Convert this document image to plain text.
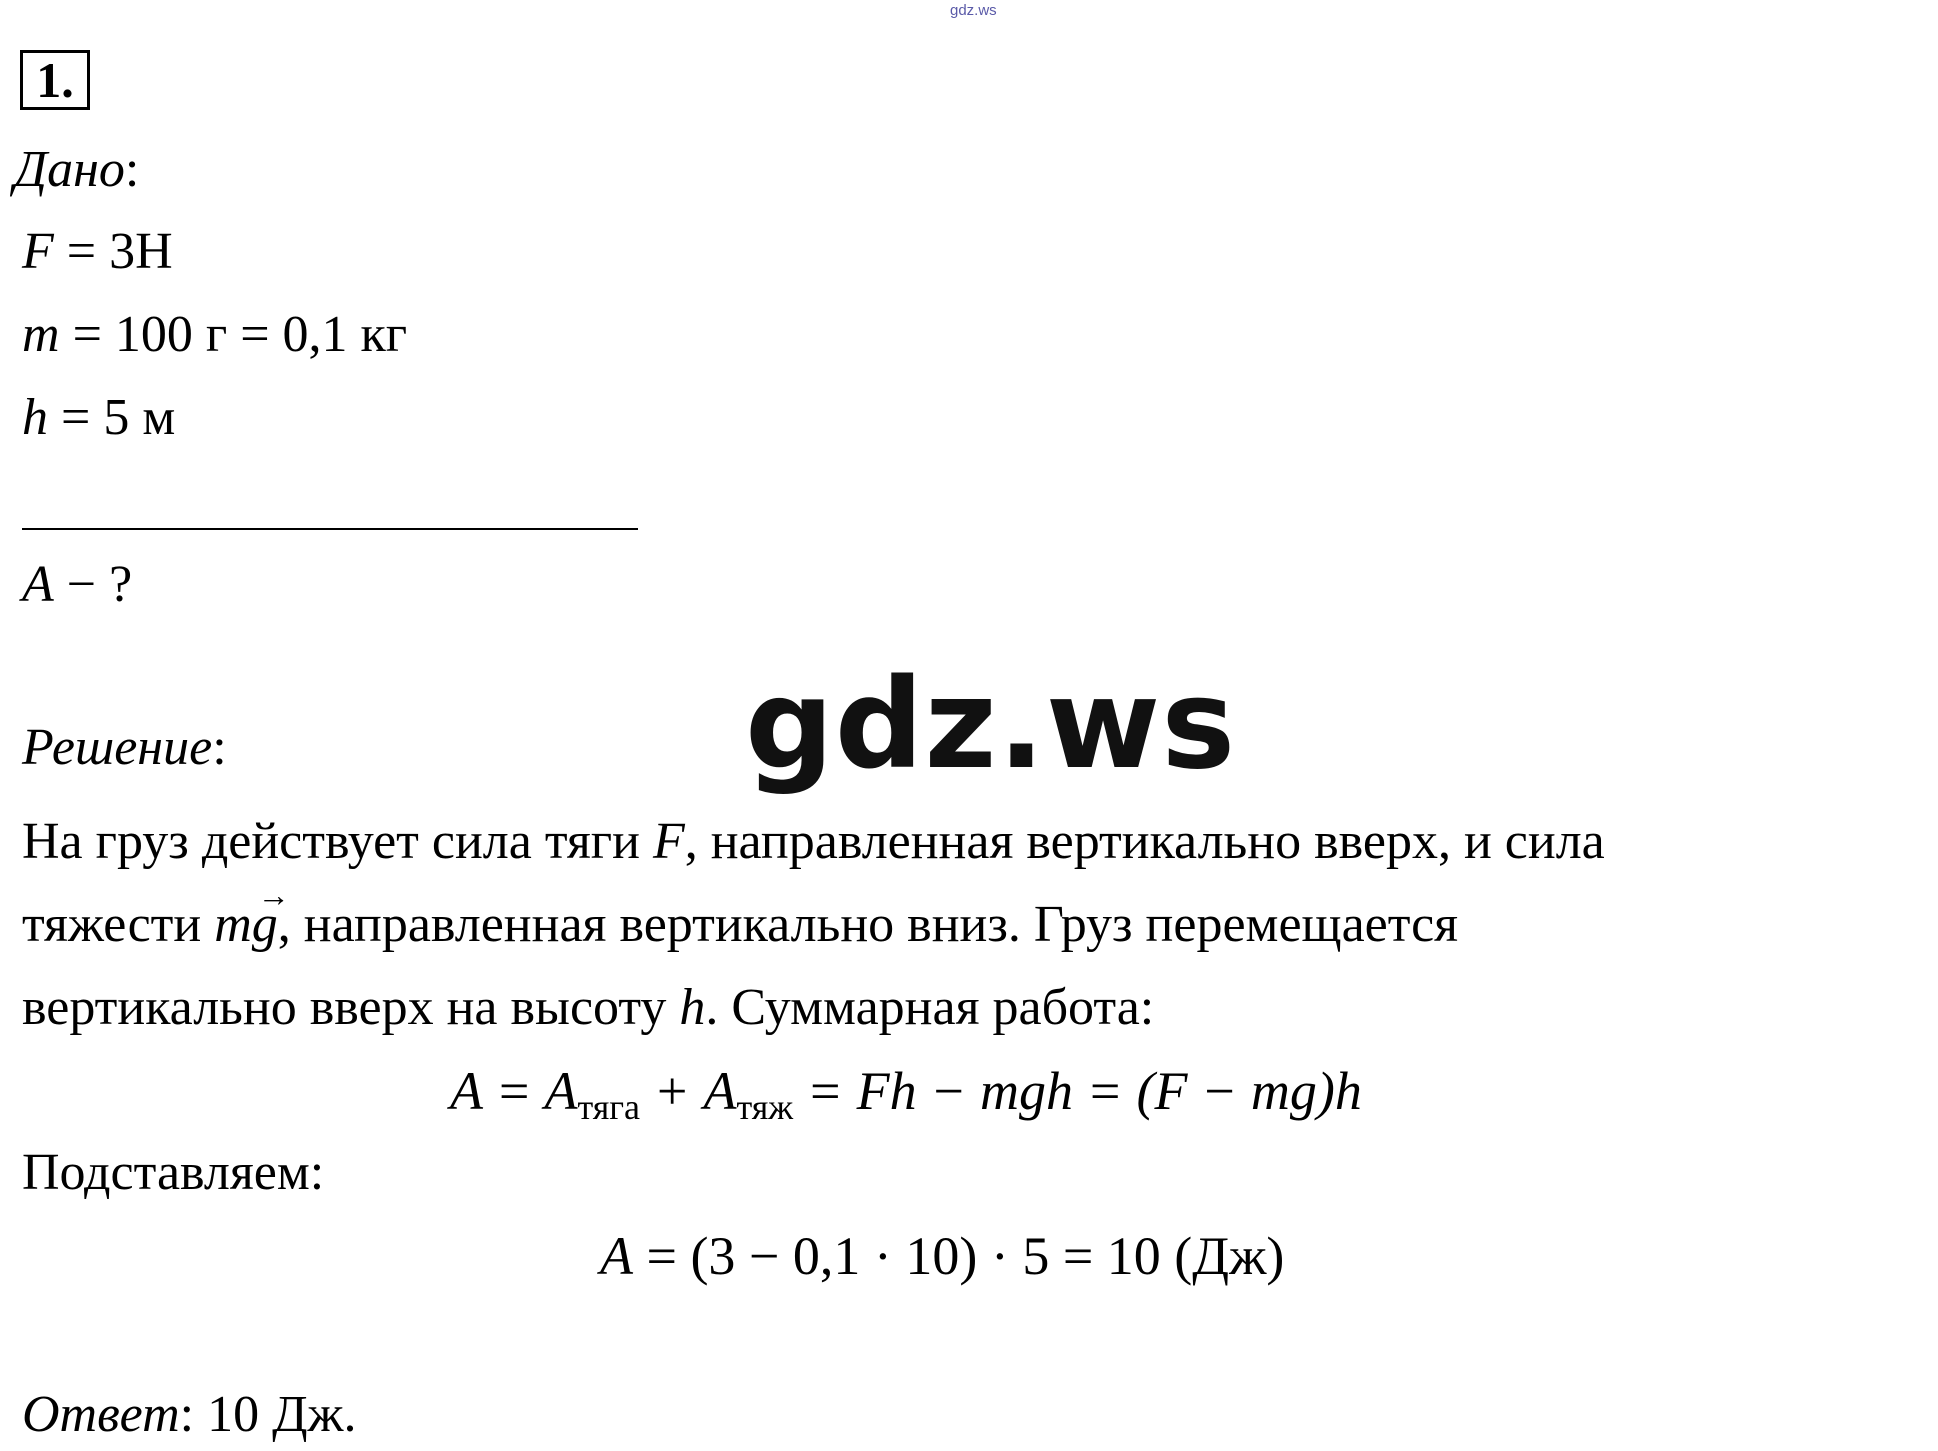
gdz.ws
1.
Дано:
F = 3Н
m = 100 г = 0,1 кг
h = 5 м
A − ?
gdz.ws
Решение:
На груз действует сила тяги F, направленная вертикально вверх, и сила
тяжести mg →, направленная вертикально вниз. Груз перемещается
вертикально вверх на высоту h. Суммарная работа:
$A = A_{тяга} + A_{тяж} = Fh$ − mgh = (F − mg)h
Подставляем:
A = (3 − 0,1 · 10) · 5 = 10 (Дж)
Ответ: 10 Дж.
